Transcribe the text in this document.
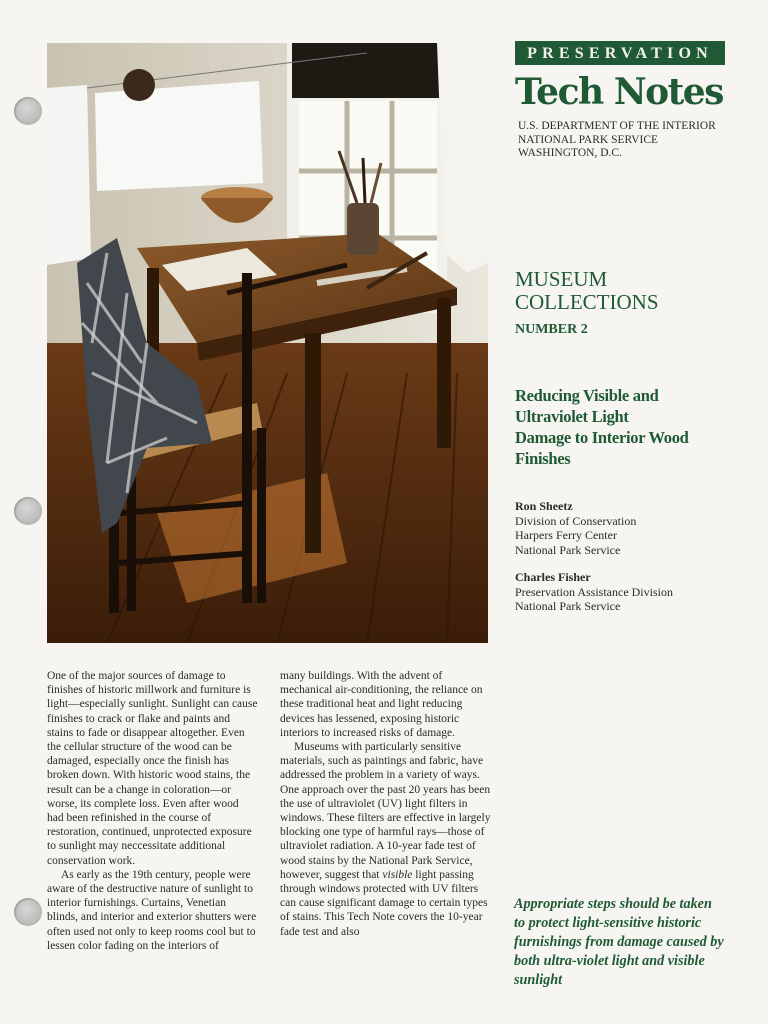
PRESERVATION
Tech Notes
U.S. DEPARTMENT OF THE INTERIOR
NATIONAL PARK SERVICE
WASHINGTON, D.C.
MUSEUM
COLLECTIONS
NUMBER 2
Reducing Visible and
Ultraviolet Light
Damage to Interior Wood
Finishes
Ron Sheetz
Division of Conservation
Harpers Ferry Center
National Park Service
Charles Fisher
Preservation Assistance Division
National Park Service

One of the major sources of damage to finishes of historic millwork and furniture is light—especially sunlight. Sunlight can cause finishes to crack or flake and paints and stains to fade or disappear altogether. Even the cellular structure of the wood can be damaged, especially once the finish has broken down. With historic wood stains, the result can be a change in coloration—or worse, its complete loss. Even after wood had been refinished in the course of restoration, continued, unprotected exposure to sunlight may neccessitate additional conservation work.

As early as the 19th century, people were aware of the destructive nature of sunlight to interior furnishings. Curtains, Venetian blinds, and interior and exterior shutters were often used not only to keep rooms cool but to lessen color fading on the interiors of

many buildings. With the advent of mechanical air-conditioning, the reliance on these traditional heat and light reducing devices has lessened, exposing historic interiors to increased risks of damage.

Museums with particularly sensitive materials, such as paintings and fabric, have addressed the problem in a variety of ways. One approach over the past 20 years has been the use of ultraviolet (UV) light filters in windows. These filters are effective in largely blocking one type of harmful rays—those of ultraviolet radiation. A 10-year fade test of wood stains by the National Park Service, however, suggest that visible light passing through windows protected with UV filters can cause significant damage to certain types of stains. This Tech Note covers the 10-year fade test and also

Appropriate steps should be taken to protect light-sensitive historic furnishings from damage caused by both ultra-violet light and visible sunlight
